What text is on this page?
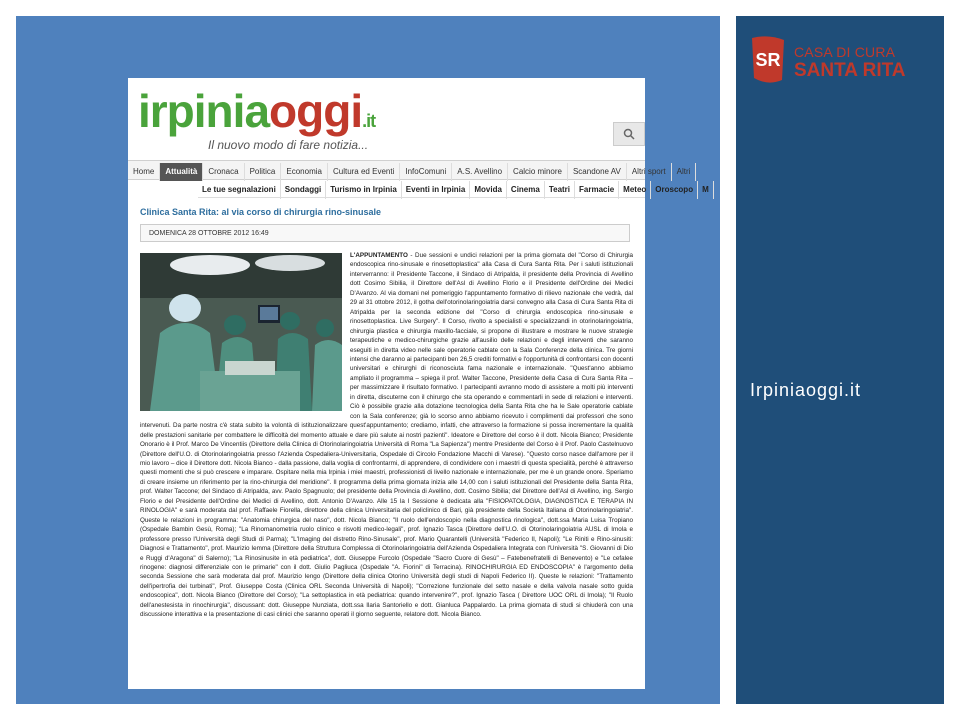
irpiniaoggi.it
Il nuovo modo di fare notizia...
Home Attualità Cronaca Politica Economia Cultura ed Eventi InfoComuni A.S. Avellino Calcio minore Scandone AV Altri sport Altri
Le tue segnalazioni Sondaggi Turismo in Irpinia Eventi in Irpinia Movida Cinema Teatri Farmacie Meteo Oroscopo M
Clinica Santa Rita: al via corso di chirurgia rino-sinusale
DOMENICA 28 OTTOBRE 2012 16:49
L'APPUNTAMENTO - Due sessioni e undici relazioni per la prima giornata del "Corso di Chirurgia endoscopica rino-sinusale e rinosettoplastica" alla Casa di Cura Santa Rita. Per i saluti istituzionali interverranno: il Presidente Taccone, il Sindaco di Atripalda, il presidente della Provincia di Avellino dott Cosimo Sibilia, il Direttore dell'Asl di Avellino Florio e il Presidente dell'Ordine dei Medici D'Avanzo. Al via domani nel pomeriggio l'appuntamento formativo di rilievo nazionale che vedrà, dal 29 al 31 ottobre 2012, il gotha dell'otorinolaringoiatria darsi convegno alla Casa di Cura Santa Rita di Atripalda per la seconda edizione del "Corso di chirurgia endoscopica rino-sinusale e rinosettoplastica. Live Surgery". Il Corso, rivolto a specialisti e specializzandi in otorinolaringoiatria, chirurgia plastica e chirurgia maxillo-facciale, si propone di illustrare e mostrare le nuove strategie terapeutiche e medico-chirurgiche grazie all'ausilio delle relazioni e degli interventi che saranno eseguiti in diretta video nelle sale operatorie cablate con la Sala Conferenze della clinica. Tre giorni intensi che daranno ai partecipanti ben 26,5 crediti formativi e l'opportunità di confrontarsi con docenti universitari e chirurghi di riconosciuta fama nazionale e internazionale. "Quest'anno abbiamo ampliato il programma – spiega il prof. Walter Taccone, Presidente della Casa di Cura Santa Rita – per massimizzare il risultato formativo. I partecipanti avranno modo di assistere a molti più interventi in diretta, discuterne con il chirurgo che sta operando e commentarli in sede di relazioni e interventi. Ciò è possibile grazie alla dotazione tecnologica della Santa Rita che ha le Sale operatorie cablate con la Sala conferenze; già lo scorso anno abbiamo ricevuto i complimenti dai professori che sono intervenuti. Da parte nostra c'è stata subito la volontà di istituzionalizzare quest'appuntamento; crediamo, infatti, che attraverso la formazione si possa incrementare la qualità delle prestazioni sanitarie per combattere le difficoltà del momento attuale e dare più salute ai nostri pazienti". Ideatore e Direttore del corso è il dott. Nicola Bianco; Presidente Onorario è il Prof. Marco De Vincentiis (Direttore della Clinica di Otorinolaringoiatria Università di Roma "La Sapienza") mentre Presidente del Corso è il Prof. Paolo Castelnuovo (Direttore dell'U.O. di Otorinolaringoiatria presso l'Azienda Ospedaliera-Universitaria, Ospedale di Circolo Fondazione Macchi di Varese). "Questo corso nasce dall'amore per il mio lavoro – dice il Direttore dott. Nicola Bianco - dalla passione, dalla voglia di confrontarmi, di apprendere, di condividere con i maestri di questa specialità, perché è attraverso questi momenti che si può crescere e imparare. Ospitare nella mia Irpinia i miei maestri, professionisti di livello nazionale e internazionale, per me è un grande onore. Speriamo di creare insieme un riferimento per la rino-chirurgia del meridione". Il programma della prima giornata inizia alle 14,00 con i saluti istituzionali del Presidente della Santa Rita, prof. Walter Taccone; del Sindaco di Atripalda, avv. Paolo Spagnuolo; del presidente della Provincia di Avellino, dott. Cosimo Sibilia; del Direttore dell'Asl di Avellino, ing. Sergio Florio e del Presidente dell'Ordine dei Medici di Avellino, dott. Antonio D'Avanzo. Alle 15 la I Sessione è dedicata alla "FISIOPATOLOGIA, DIAGNOSTICA E TERAPIA IN RINOLOGIA" e sarà moderata dal prof. Raffaele Fiorella, direttore della clinica Universitaria del policlinico di Bari, già presidente della Società Italiana di Otorinolaringoiatria". Queste le relazioni in programma: "Anatomia chirurgica del naso", dott. Nicola Bianco; "Il ruolo dell'endoscopio nella diagnostica rinologica", dott.ssa Maria Luisa Tropiano (Ospedale Bambin Gesù, Roma); "La Rinomanometria ruolo clinico e risvolti medico-legali", prof. Ignazio Tasca (Direttore dell'U.O. di Otorinolaringoiatria AUSL di Imola e professore presso l'Università degli Studi di Parma); "L'Imaging del distretto Rino-Sinusale", prof. Mario Quarantelli (Università "Federico II, Napoli); "Le Riniti e Rino-sinusiti: Diagnosi e Trattamento", prof. Maurizio Iemma (Direttore della Struttura Complessa di Otorinolaringoiatria dell'Azienda Ospedaliera Integrata con l'Università "S. Giovanni di Dio e Ruggi d'Aragona" di Salerno); "La Rinosinusite in età pediatrica", dott. Giuseppe Furcolo (Ospedale "Sacro Cuore di Gesù" – Fatebenefratelli di Benevento) e "Le cefalee rinogene: diagnosi differenziale con le primarie" con il dott. Giulio Pagliuca (Ospedale "A. Fiorini" di Terracina). RINOCHIRURGIA ED ENDOSCOPIA" è l'argomento della seconda Sessione che sarà moderata dal prof. Maurizio Iengo (Direttore della clinica Otorino Università degli studi di Napoli Federico II). Queste le relazioni: "Trattamento dell'ipertrofia dei turbinati", Prof. Giuseppe Costa (Clinica ORL Seconda Università di Napoli); "Correzione funzionale del setto nasale e della valvola nasale sotto guida endoscopica", dott. Nicola Bianco (Direttore del Corso); "La settoplastica in età pediatrica: quando intervenire?", prof. Ignazio Tasca ( Direttore UOC ORL di Imola); "Il Ruolo dell'anestesista in rinochirurgia", discussant: dott. Giuseppe Nunziata, dott.ssa Ilaria Santoriello e dott. Gianluca Pappalardo. La prima giornata di studi si chiuderà con una discussione interattiva e la presentazione di casi clinici che saranno operati il giorno seguente, relatore dott. Nicola Bianco.
SR CASA DI CURA
SANTA RITA
Irpiniaoggi.it
